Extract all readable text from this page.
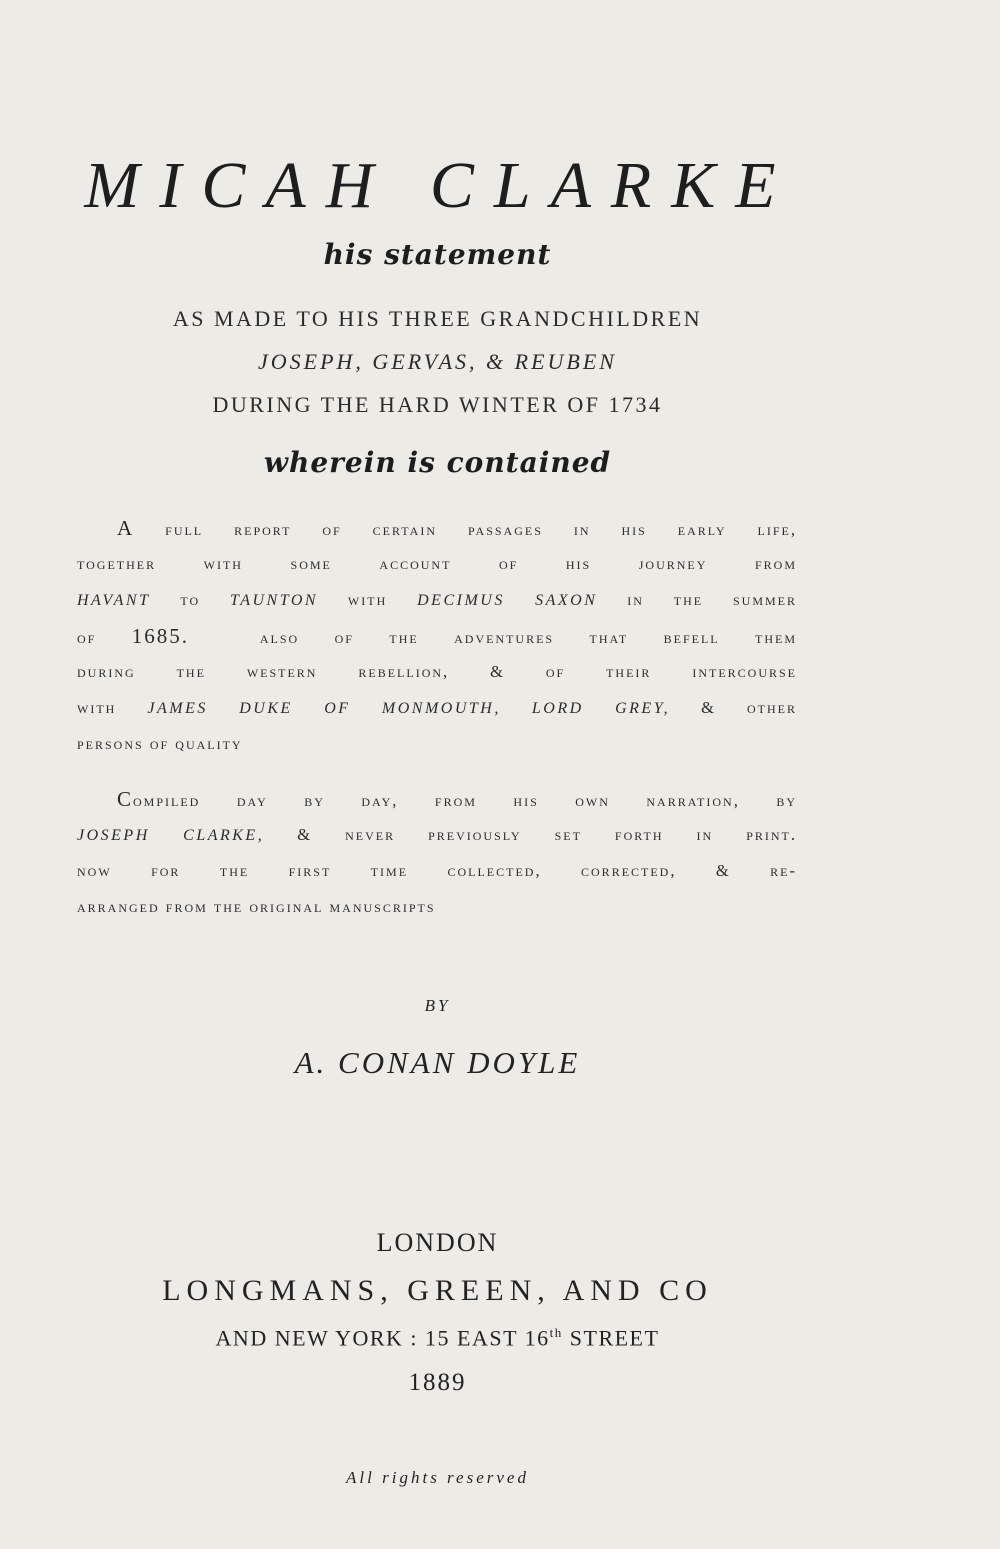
MICAH CLARKE
his statement
AS MADE TO HIS THREE GRANDCHILDREN
JOSEPH, GERVAS, & REUBEN
DURING THE HARD WINTER OF 1734
wherein is contained
A full report of certain passages in his early life,
together with some account of his journey from
HAVANT to TAUNTON with DECIMUS SAXON in the summer
of 1685.	also of the adventures that befell them
during the western rebellion, & of their intercourse
with JAMES DUKE OF MONMOUTH, LORD GREY, & other
persons of quality
Compiled day by day, from his own narration, by
JOSEPH CLARKE, & never previously set forth in print.
now for the first time collected, corrected, & re-
arranged from the original manuscripts
BY
A. CONAN DOYLE
LONDON
LONGMANS, GREEN, AND CO
AND NEW YORK : 15 EAST 16th STREET
1889
All rights reserved
